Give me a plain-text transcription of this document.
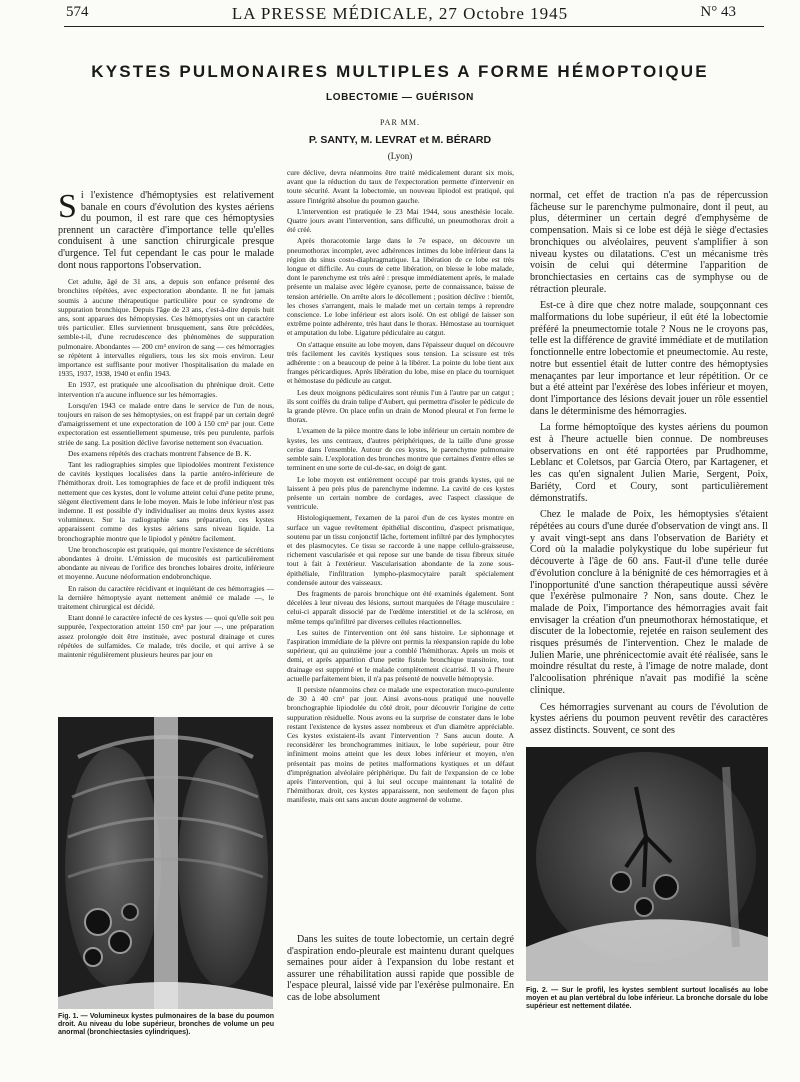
574	LA PRESSE MÉDICALE, 27 Octobre 1945	N° 43
KYSTES PULMONAIRES MULTIPLES A FORME HÉMOPTOIQUE
LOBECTOMIE — GUÉRISON
PAR MM.
P. SANTY, M. LEVRAT et M. BÉRARD
(Lyon)

Si l'existence d'hémoptysies est relativement banale en cours d'évolution des kystes aériens du poumon, il est rare que ces hémoptysies prennent un caractère d'importance telle qu'elles conduisent à une sanction chirurgicale presque d'urgence. Tel fut cependant le cas pour le malade dont nous rapportons l'observation.

Cet adulte, âgé de 31 ans, a depuis son enfance présenté des bronchites répétées, avec expectoration abondante. Il ne fut jamais soumis à aucune thérapeutique particulière pour ce syndrome de suppuration bronchique. Depuis l'âge de 23 ans, c'est-à-dire depuis huit ans, sont apparues des hémoptysies. Ces hémoptysies ont un caractère très particulier. Elles surviennent brusquement, sans être précédées, semble-t-il, d'une recrudescence des phénomènes de suppuration pulmonaire. Abondantes — 200 cm³ environ de sang — ces hémorragies se répètent à intervalles réguliers, tous les six mois environ. Leur importance est suffisante pour motiver l'hospitalisation du malade en 1935, 1937, 1938, 1940 et enfin 1943.

En 1937, est pratiquée une alcoolisation du phrénique droit. Cette intervention n'a aucune influence sur les hémorragies.

Lorsqu'en 1943 ce malade entre dans le service de l'un de nous, toujours en raison de ses hémoptysies, on est frappé par un certain degré d'amaigrissement et une expectoration de 100 à 150 cm³ par jour. Cette expectoration est essentiellement spumeuse, très peu purulente, parfois striée de sang. La position déclive favorise nettement son évacuation.

Des examens répétés des crachats montrent l'absence de B. K.

Tant les radiographies simples que lipiodolées montrent l'existence de cavités kystiques localisées dans la partie antéro-inférieure de l'hémithorax droit. Les tomographies de face et de profil indiquent très nettement que ces kystes, dont le volume atteint celui d'une petite prune, siègent électivement dans le lobe moyen. Mais le lobe inférieur n'est pas indemne. Il est possible d'y individualiser au moins deux kystes assez volumineux. Sur la radiographie sans préparation, ces kystes apparaissent comme des kystes aériens sans niveau liquide. La bronchographie montre que le lipiodol y pénètre facilement.

Une bronchoscopie est pratiquée, qui montre l'existence de sécrétions abondantes à droite. L'émission de mucosités est particulièrement abondante au niveau de l'orifice des bronches lobaires droite, inférieure et moyenne. Aucune néoformation endobronchique.

En raison du caractère récidivant et inquiétant de ces hémorragies — la dernière hémoptysie ayant nettement anémié ce malade —, le traitement chirurgical est décidé.

Etant donné le caractère infecté de ces kystes — quoi qu'elle soit peu suppurée, l'expectoration atteint 150 cm³ par jour —, une préparation assez prolongée doit être instituée, avec postural drainage et cures répétées de sulfamides. Ce malade, très docile, et qui arrive à se maintenir régulièrement plusieurs heures par jour en

cure déclive, devra néanmoins être traité médicalement durant six mois, avant que la réduction du taux de l'expectoration permette d'intervenir en toute sécurité. Avant la lobectomie, un nouveau lipiodol est pratiqué, qui assure l'intégrité absolue du poumon gauche.

L'intervention est pratiquée le 23 Mai 1944, sous anesthésie locale. Quatre jours avant l'intervention, sans difficulté, un pneumothorax droit a été créé.

Après thoracotomie large dans le 7e espace, on découvre un pneumothorax incomplet, avec adhérences intimes du lobe inférieur dans la région du sinus costo-diaphragmatique. La libération de ce lobe est très longue et difficile. Au cours de cette libération, on blesse le lobe malade, dont le parenchyme est très aéré : presque immédiatement après, le malade présente un malaise avec légère cyanose, perte de connaissance, baisse de tension artérielle. On arrête alors le décollement ; position déclive : bientôt, les choses s'arrangent, mais le malade met un certain temps à reprendre conscience. Le lobe inférieur est alors isolé. On est obligé de laisser son extrême pointe adhérente, très haut dans le thorax. Hémostase au tourniquet et amputation du lobe. Ligature pédiculaire au catgut.

On s'attaque ensuite au lobe moyen, dans l'épaisseur duquel on découvre très facilement les cavités kystiques sous tension. La scissure est très adhérente : on a beaucoup de peine à la libérer. La pointe du lobe tient aux franges péricardiques. Après libération du lobe, mise en place du tourniquet et hémostase du pédicule au catgut.

Les deux moignons pédiculaires sont réunis l'un à l'autre par un catgut ; ils sont coiffés du drain tulipe d'Aubert, qui permettra d'isoler le pédicule de la grande plèvre. On place enfin un drain de Monod pleural et l'on ferme le thorax.

L'examen de la pièce montre dans le lobe inférieur un certain nombre de kystes, les uns centraux, d'autres périphériques, de la taille d'une grosse cerise dans l'ensemble. Autour de ces kystes, le parenchyme pulmonaire semble sain. L'exploration des bronches montre que certaines d'entre elles se terminent en une sorte de cul-de-sac, en doigt de gant.

Le lobe moyen est entièrement occupé par trois grands kystes, qui ne laissent à peu près plus de parenchyme indemne. La cavité de ces kystes présente un certain nombre de cordages, avec l'aspect classique de ventricule.

Histologiquement, l'examen de la paroi d'un de ces kystes montre en surface un vague revêtement épithélial discontinu, d'aspect prismatique, soutenu par un tissu conjonctif lâche, fortement infiltré par des lymphocytes et des plasmocytes. Ce tissu se raccorde à une nappe cellulo-graisseuse, richement vascularisée et qui repose sur une bande de tissu fibreux située tout à fait à l'extérieur. Vascularisation abondante de la zone sous-épithéliale, l'infiltration lympho-plasmocytaire paraît spécialement condensée autour des vaisseaux.

Des fragments de parois bronchique ont été examinés également. Sont décelées à leur niveau des lésions, surtout marquées de l'étage musculaire : celui-ci apparaît dissocié par de l'œdème interstitiel et de la sclérose, en même temps qu'infiltré par diverses cellules réactionnelles.

Les suites de l'intervention ont été sans histoire. Le siphonnage et l'aspiration immédiate de la plèvre ont permis la réexpansion rapide du lobe supérieur, qui au quinzième jour a comblé l'hémithorax. Après un mois et demi, et après apparition d'une petite fistule bronchique transitoire, tout drainage est supprimé et le malade complètement cicatrisé. Il va à l'heure actuelle parfaitement bien, il n'a pas présenté de nouvelle hémoptysie.

Il persiste néanmoins chez ce malade une expectoration muco-purulente de 30 à 40 cm³ par jour. Ainsi avons-nous pratiqué une nouvelle bronchographie lipiodolée du côté droit, pour découvrir l'origine de cette suppuration résiduelle. Nous avons eu la surprise de constater dans le lobe restant l'existence de kystes assez nombreux et d'un diamètre appréciable. Ces kystes existaient-ils avant l'intervention ? Sans aucun doute. A reconsidérer les bronchogrammes initiaux, le lobe supérieur, pour être infiniment moins atteint que les deux lobes inférieur et moyen, n'en présentait pas moins de petites malformations kystiques et un défaut d'imprégnation alvéolaire périphérique. Du fait de l'expansion de ce lobe après l'intervention, qui à lui seul occupe maintenant la totalité de l'hémithorax droit, ces kystes apparaissent, non seulement de façon plus manifeste, mais ont sans aucun doute augmenté de volume.

Dans les suites de toute lobectomie, un certain degré d'aspiration endo-pleurale est maintenu durant quelques semaines pour aider à l'expansion du lobe restant et assurer une réhabilitation aussi rapide que possible de l'espace pleural, laissé vide par l'exérèse pulmonaire. En cas de lobe absolument

normal, cet effet de traction n'a pas de répercussion fâcheuse sur le parenchyme pulmonaire, dont il peut, au plus, déterminer un certain degré d'emphysème de compensation. Mais si ce lobe est déjà le siège d'ectasies bronchiques ou alvéolaires, peuvent s'amplifier à son niveau kystes ou dilatations. C'est un mécanisme très voisin de celui qui détermine l'apparition de bronchiectasies en certains cas de symphyse ou de rétraction pleurale.

Est-ce à dire que chez notre malade, soupçonnant ces malformations du lobe supérieur, il eût été la lobectomie préféré la pneumectomie totale ? Nous ne le croyons pas, telle est la différence de gravité immédiate et de mutilation fonctionnelle entre lobectomie et pneumectomie. Au reste, notre but essentiel était de lutter contre des hémoptysies menaçantes par leur importance et leur répétition. Or ce but a été atteint par l'exérèse des lobes inférieur et moyen, dont l'importance des lésions devait jouer un rôle essentiel dans le déterminisme des hémorragies.

La forme hémoptoïque des kystes aériens du poumon est à l'heure actuelle bien connue. De nombreuses observations en ont été rapportées par Prudhomme, Leblanc et Coletsos, par García Otero, par Kartagener, et les cas qu'en signalent Julien Marie, Sergent, Poix, Bariéty, Cord et Coury, sont particulièrement démonstratifs.

Chez le malade de Poix, les hémoptysies s'étaient répétées au cours d'une durée d'observation de vingt ans. Il y avait vingt-sept ans dans l'observation de Bariéty et Cord où la maladie polykystique du lobe supérieur fut découverte à l'âge de 60 ans. Faut-il d'une telle durée d'évolution conclure à la bénignité de ces hémorragies et à l'inopportunité d'une sanction thérapeutique aussi sévère que l'exérèse pulmonaire ? Non, sans doute. Chez le malade de Poix, l'importance des hémorragies avait fait envisager la création d'un pneumothorax hémostatique, et discuter de la lobectomie, rejetée en raison seulement des risques présumés de l'intervention. Chez le malade de Julien Marie, une phrénicectomie avait été réalisée, sans le moindre résultat du reste, à l'image de notre malade, dont l'alcoolisation phrénique n'avait pas modifié la scène clinique.

Ces hémorragies survenant au cours de l'évolution de kystes aériens du poumon peuvent revêtir des caractères assez distincts. Souvent, ce sont des

Fig. 1. — Volumineux kystes pulmonaires de la base du poumon droit. Au niveau du lobe supérieur, bronches de volume un peu anormal (bronchiectasies cylindriques).
Fig. 2. — Sur le profil, les kystes semblent surtout localisés au lobe moyen et au plan vertébral du lobe inférieur. La bronche dorsale du lobe supérieur est nettement dilatée.
